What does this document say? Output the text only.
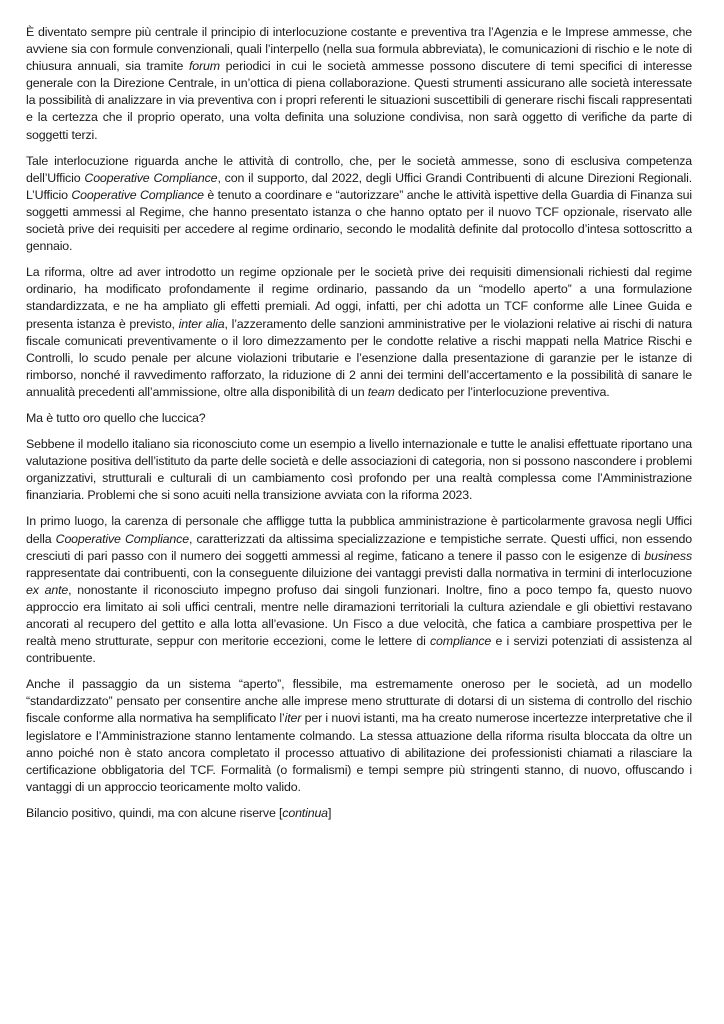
È diventato sempre più centrale il principio di interlocuzione costante e preventiva tra l’Agenzia e le Imprese ammesse, che avviene sia con formule convenzionali, quali l’interpello (nella sua formula abbreviata), le comunicazioni di rischio e le note di chiusura annuali, sia tramite forum periodici in cui le società ammesse possono discutere di temi specifici di interesse generale con la Direzione Centrale, in un’ottica di piena collaborazione. Questi strumenti assicurano alle società interessate la possibilità di analizzare in via preventiva con i propri referenti le situazioni suscettibili di generare rischi fiscali rappresentati e la certezza che il proprio operato, una volta definita una soluzione condivisa, non sarà oggetto di verifiche da parte di soggetti terzi.

Tale interlocuzione riguarda anche le attività di controllo, che, per le società ammesse, sono di esclusiva competenza dell’Ufficio Cooperative Compliance, con il supporto, dal 2022, degli Uffici Grandi Contribuenti di alcune Direzioni Regionali. L’Ufficio Cooperative Compliance è tenuto a coordinare e “autorizzare” anche le attività ispettive della Guardia di Finanza sui soggetti ammessi al Regime, che hanno presentato istanza o che hanno optato per il nuovo TCF opzionale, riservato alle società prive dei requisiti per accedere al regime ordinario, secondo le modalità definite dal protocollo d’intesa sottoscritto a gennaio.

La riforma, oltre ad aver introdotto un regime opzionale per le società prive dei requisiti dimensionali richiesti dal regime ordinario, ha modificato profondamente il regime ordinario, passando da un “modello aperto” a una formulazione standardizzata, e ne ha ampliato gli effetti premiali. Ad oggi, infatti, per chi adotta un TCF conforme alle Linee Guida e presenta istanza è previsto, inter alia, l’azzeramento delle sanzioni amministrative per le violazioni relative ai rischi di natura fiscale comunicati preventivamente o il loro dimezzamento per le condotte relative a rischi mappati nella Matrice Rischi e Controlli, lo scudo penale per alcune violazioni tributarie e l’esenzione dalla presentazione di garanzie per le istanze di rimborso, nonché il ravvedimento rafforzato, la riduzione di 2 anni dei termini dell’accertamento e la possibilità di sanare le annualità precedenti all’ammissione, oltre alla disponibilità di un team dedicato per l’interlocuzione preventiva.

Ma è tutto oro quello che luccica?

Sebbene il modello italiano sia riconosciuto come un esempio a livello internazionale e tutte le analisi effettuate riportano una valutazione positiva dell’istituto da parte delle società e delle associazioni di categoria, non si possono nascondere i problemi organizzativi, strutturali e culturali di un cambiamento così profondo per una realtà complessa come l’Amministrazione finanziaria. Problemi che si sono acuiti nella transizione avviata con la riforma 2023.

In primo luogo, la carenza di personale che affligge tutta la pubblica amministrazione è particolarmente gravosa negli Uffici della Cooperative Compliance, caratterizzati da altissima specializzazione e tempistiche serrate. Questi uffici, non essendo cresciuti di pari passo con il numero dei soggetti ammessi al regime, faticano a tenere il passo con le esigenze di business rappresentate dai contribuenti, con la conseguente diluizione dei vantaggi previsti dalla normativa in termini di interlocuzione ex ante, nonostante il riconosciuto impegno profuso dai singoli funzionari. Inoltre, fino a poco tempo fa, questo nuovo approccio era limitato ai soli uffici centrali, mentre nelle diramazioni territoriali la cultura aziendale e gli obiettivi restavano ancorati al recupero del gettito e alla lotta all’evasione. Un Fisco a due velocità, che fatica a cambiare prospettiva per le realtà meno strutturate, seppur con meritorie eccezioni, come le lettere di compliance e i servizi potenziati di assistenza al contribuente.

Anche il passaggio da un sistema “aperto”, flessibile, ma estremamente oneroso per le società, ad un modello “standardizzato” pensato per consentire anche alle imprese meno strutturate di dotarsi di un sistema di controllo del rischio fiscale conforme alla normativa ha semplificato l’iter per i nuovi istanti, ma ha creato numerose incertezze interpretative che il legislatore e l’Amministrazione stanno lentamente colmando. La stessa attuazione della riforma risulta bloccata da oltre un anno poiché non è stato ancora completato il processo attuativo di abilitazione dei professionisti chiamati a rilasciare la certificazione obbligatoria del TCF. Formalità (o formalismi) e tempi sempre più stringenti stanno, di nuovo, offuscando i vantaggi di un approccio teoricamente molto valido.

Bilancio positivo, quindi, ma con alcune riserve [continua]
